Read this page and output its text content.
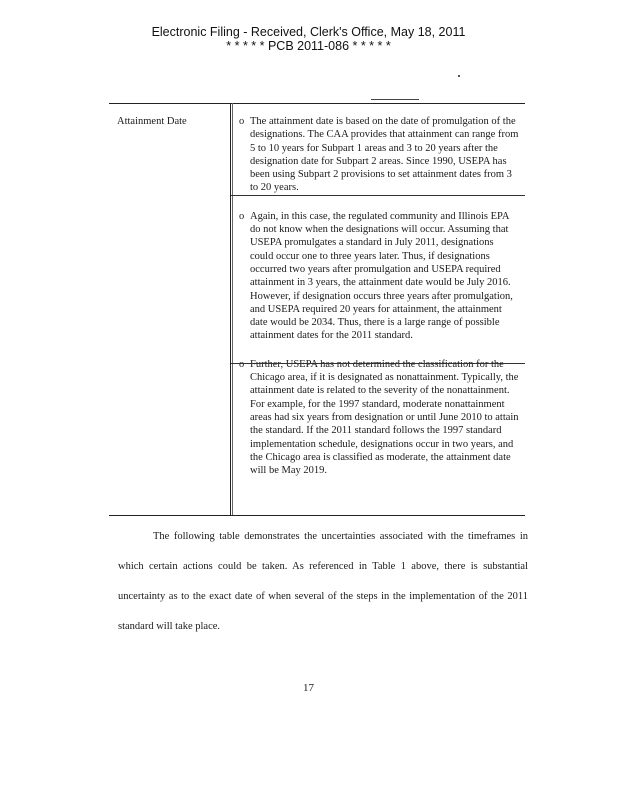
Electronic Filing - Received, Clerk's Office, May 18, 2011
* * * * * PCB 2011-086 * * * * *
Attainment Date	o The attainment date is based on the date of promulgation of the designations. The CAA provides that attainment can range from 5 to 10 years for Subpart 1 areas and 3 to 20 years after the designation date for Subpart 2 areas. Since 1990, USEPA has been using Subpart 2 provisions to set attainment dates from 3 to 20 years.
o Again, in this case, the regulated community and Illinois EPA do not know when the designations will occur. Assuming that USEPA promulgates a standard in July 2011, designations could occur one to three years later. Thus, if designations occurred two years after promulgation and USEPA required attainment in 3 years, the attainment date would be July 2016. However, if designation occurs three years after promulgation, and USEPA required 20 years for attainment, the attainment date would be 2034. Thus, there is a large range of possible attainment dates for the 2011 standard.
o Further, USEPA has not determined the classification for the Chicago area, if it is designated as nonattainment. Typically, the attainment date is related to the severity of the nonattainment. For example, for the 1997 standard, moderate nonattainment areas had six years from designation or until June 2010 to attain the standard. If the 2011 standard follows the 1997 standard implementation schedule, designations occur in two years, and the Chicago area is classified as moderate, the attainment date will be May 2019.
The following table demonstrates the uncertainties associated with the timeframes in which certain actions could be taken. As referenced in Table 1 above, there is substantial uncertainty as to the exact date of when several of the steps in the implementation of the 2011 standard will take place.
17
